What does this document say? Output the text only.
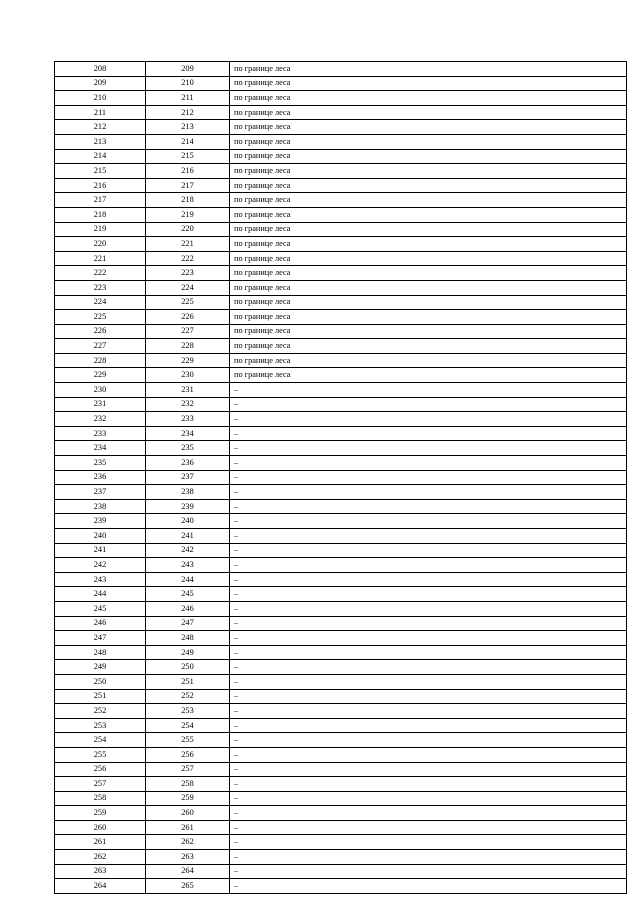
208	209	по границе леса
209	210	по границе леса
210	211	по границе леса
211	212	по границе леса
212	213	по границе леса
213	214	по границе леса
214	215	по границе леса
215	216	по границе леса
216	217	по границе леса
217	218	по границе леса
218	219	по границе леса
219	220	по границе леса
220	221	по границе леса
221	222	по границе леса
222	223	по границе леса
223	224	по границе леса
224	225	по границе леса
225	226	по границе леса
226	227	по границе леса
227	228	по границе леса
228	229	по границе леса
229	230	по границе леса
230	231	–
231	232	–
232	233	–
233	234	–
234	235	–
235	236	–
236	237	–
237	238	–
238	239	–
239	240	–
240	241	–
241	242	–
242	243	–
243	244	–
244	245	–
245	246	–
246	247	–
247	248	–
248	249	–
249	250	–
250	251	–
251	252	–
252	253	–
253	254	–
254	255	–
255	256	–
256	257	–
257	258	–
258	259	–
259	260	–
260	261	–
261	262	–
262	263	–
263	264	–
264	265	–
